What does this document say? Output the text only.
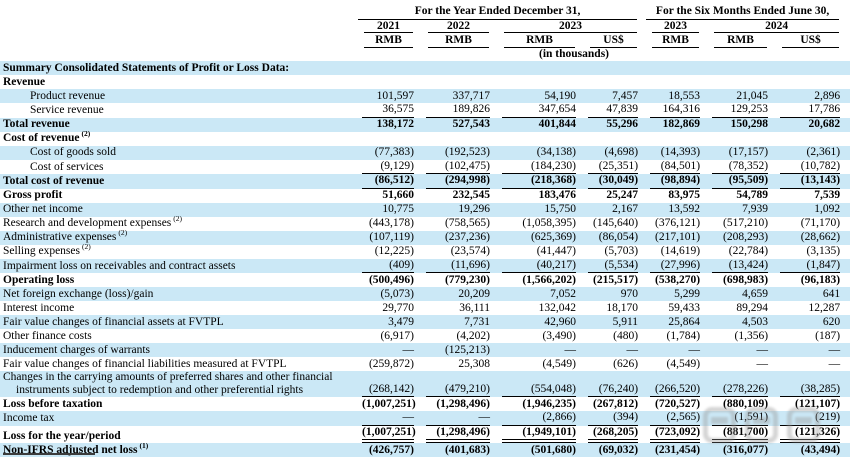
	For the Year Ended December 31,				For the Six Months Ended June 30,			

	2021	2022	2023		2023	2024		

	RMB	RMB	RMB	US$	RMB	RMB	US$	

			(in thousands)					
Summary Consolidated Statements of Profit or Loss Data:	

Revenue	

Product revenue	101,597	337,717	54,190	7,457	18,553	21,045	2,896	

Service revenue	36,575	189,826	347,654	47,839	164,316	129,253	17,786	

Total revenue	138,172	527,543	401,844	55,296	182,869	150,298	20,682	

Cost of revenue $^{(2)}$	

Cost of goods sold	(77,383)	(192,523)	(34,138)	(4,698)	(14,393)	(17,157)	(2,361)	

Cost of services	(9,129)	(102,475)	(184,230)	(25,351)	(84,501)	(78,352)	(10,782)	

Total cost of revenue	(86,512)	(294,998)	(218,368)	(30,049)	(98,894)	(95,509)	(13,143)	

Gross profit	51,660	232,545	183,476	25,247	83,975	54,789	7,539	

Other net income	10,775	19,296	15,750	2,167	13,592	7,939	1,092	

Research and development expenses $^{(2)}$	(443,178)	(758,565)	(1,058,395)	(145,640)	(376,121)	(517,210)	(71,170)	

Administrative expenses $^{(2)}$	(107,119)	(237,236)	(625,369)	(86,054)	(217,101)	(208,293)	(28,662)	

Selling expenses $^{(2)}$	(12,225)	(23,574)	(41,447)	(5,703)	(14,619)	(22,784)	(3,135)	

Impairment loss on receivables and contract assets	(409)	(11,696)	(40,217)	(5,534)	(27,996)	(13,424)	(1,847)	

Operating loss	(500,496)	(779,230)	(1,566,202)	(215,517)	(538,270)	(698,983)	(96,183)	

Net foreign exchange (loss)/gain	(5,073)	20,209	7,052	970	5,299	4,659	641	

Interest income	29,770	36,111	132,042	18,170	59,433	89,294	12,287	

Fair value changes of financial assets at FVTPL	3,479	7,731	42,960	5,911	25,864	4,503	620	

Other finance costs	(6,917)	(4,202)	(3,490)	(480)	(1,784)	(1,356)	(187)	

Inducement charges of warrants	—	(125,213)	—	—	—	—	—	

Fair value changes of financial liabilities measured at FVTPL	(259,872)	25,308	(4,549)	(626)	(4,549)	—	—	

Changes in the carrying amounts of preferred shares and other financial instruments subject to redemption and other preferential rights	(268,142)	(479,210)	(554,048)	(76,240)	(266,520)	(278,226)	(38,285)	

Loss before taxation	(1,007,251)	(1,298,496)	(1,946,235)	(267,812)	(720,527)	(880,109)	(121,107)	

Income tax	—	—	(2,866)	(394)	(2,565)	(1,591)	(219)	

Loss for the year/period	(1,007,251)	(1,298,496)	(1,949,101)	(268,205)	(723,092)	(881,700)	(121,326)	

Non-IFRS adjusted net loss $^{(1)}$	(426,757)	(401,683)	(501,680)	(69,032)	(231,454)	(316,077)	(43,494)	
